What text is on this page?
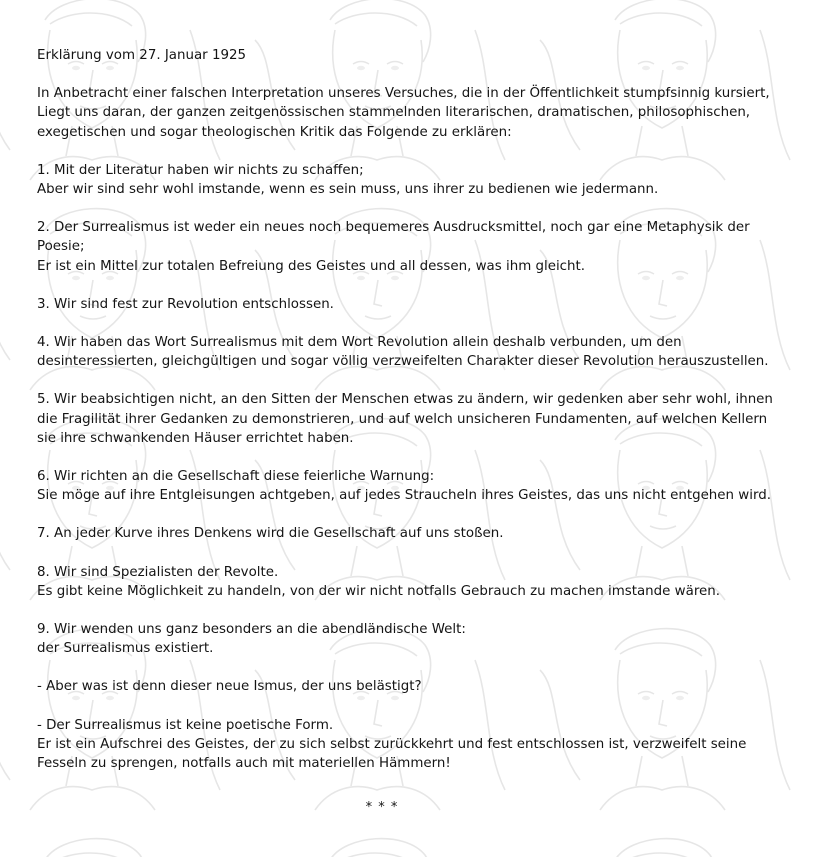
Erklärung vom 27. Januar 1925
In Anbetracht einer falschen Interpretation unseres Versuches, die in der Öffentlichkeit stumpfsinnig kursiert, Liegt uns daran, der ganzen zeitgenössischen stammelnden literarischen, dramatischen, philosophischen, exegetischen und sogar theologischen Kritik das Folgende zu erklären:
1. Mit der Literatur haben wir nichts zu schaffen;
Aber wir sind sehr wohl imstande, wenn es sein muss, uns ihrer zu bedienen wie jedermann.
2. Der Surrealismus ist weder ein neues noch bequemeres Ausdrucksmittel, noch gar eine Metaphysik der Poesie;
Er ist ein Mittel zur totalen Befreiung des Geistes und all dessen, was ihm gleicht.
3. Wir sind fest zur Revolution entschlossen.
4. Wir haben das Wort Surrealismus mit dem Wort Revolution allein deshalb verbunden, um den desinteressierten, gleichgültigen und sogar völlig verzweifelten Charakter dieser Revolution herauszustellen.
5. Wir beabsichtigen nicht, an den Sitten der Menschen etwas zu ändern, wir gedenken aber sehr wohl, ihnen die Fragilität ihrer Gedanken zu demonstrieren, und auf welch unsicheren Fundamenten, auf welchen Kellern sie ihre schwankenden Häuser errichtet haben.
6. Wir richten an die Gesellschaft diese feierliche Warnung:
Sie möge auf ihre Entgleisungen achtgeben, auf jedes Straucheln ihres Geistes, das uns nicht entgehen wird.
7. An jeder Kurve ihres Denkens wird die Gesellschaft auf uns stoßen.
8. Wir sind Spezialisten der Revolte.
Es gibt keine Möglichkeit zu handeln, von der wir nicht notfalls Gebrauch zu machen imstande wären.
9. Wir wenden uns ganz besonders an die abendländische Welt:
der Surrealismus existiert.
- Aber was ist denn dieser neue Ismus, der uns belästigt?
- Der Surrealismus ist keine poetische Form.
Er ist ein Aufschrei des Geistes, der zu sich selbst zurückkehrt und fest entschlossen ist, verzweifelt seine Fesseln zu sprengen, notfalls auch mit materiellen Hämmern!
* * *
